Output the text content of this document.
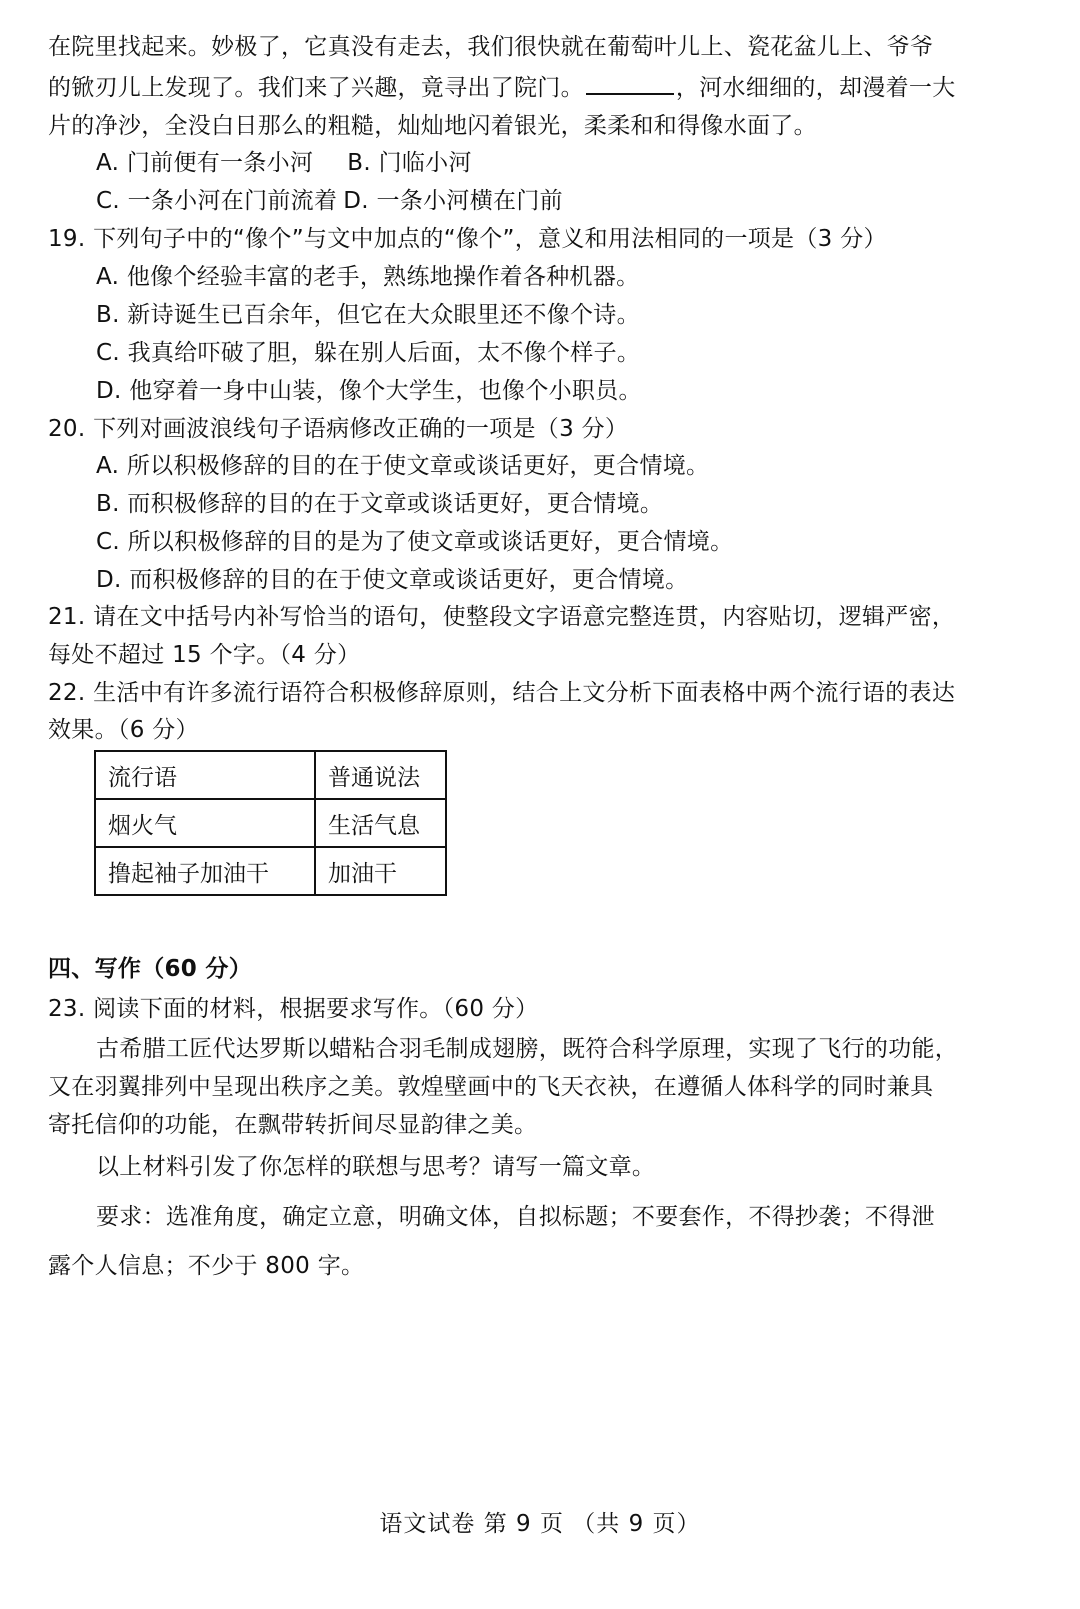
在院里找起来。妙极了，它真没有走去，我们很快就在葡萄叶儿上、瓷花盆儿上、爷爷
的锨刃儿上发现了。我们来了兴趣，竟寻出了院门。	，河水细细的，却漫着一大
片的净沙，全没白日那么的粗糙，灿灿地闪着银光，柔柔和和得像水面了。
A. 门前便有一条小河 B. 门临小河
C. 一条小河在门前流着 D. 一条小河横在门前
19. 下列句子中的“像个”与文中加点的“像个”，意义和用法相同的一项是（3 分）
A. 他像个经验丰富的老手，熟练地操作着各种机器。
B. 新诗诞生已百余年，但它在大众眼里还不像个诗。
C. 我真给吓破了胆，躲在别人后面，太不像个样子。
D. 他穿着一身中山装，像个大学生，也像个小职员。
20. 下列对画波浪线句子语病修改正确的一项是（3 分）
A. 所以积极修辞的目的在于使文章或谈话更好，更合情境。
B. 而积极修辞的目的在于文章或谈话更好，更合情境。
C. 所以积极修辞的目的是为了使文章或谈话更好，更合情境。
D. 而积极修辞的目的在于使文章或谈话更好，更合情境。
21. 请在文中括号内补写恰当的语句，使整段文字语意完整连贯，内容贴切，逻辑严密，
每处不超过 15 个字。（4 分）
22. 生活中有许多流行语符合积极修辞原则，结合上文分析下面表格中两个流行语的表达
效果。（6 分）
流行语	普通说法
烟火气	生活气息
撸起袖子加油干	加油干
四、写作（60 分）
23. 阅读下面的材料，根据要求写作。（60 分）
古希腊工匠代达罗斯以蜡粘合羽毛制成翅膀，既符合科学原理，实现了飞行的功能，
又在羽翼排列中呈现出秩序之美。敦煌壁画中的飞天衣袂，在遵循人体科学的同时兼具
寄托信仰的功能，在飘带转折间尽显韵律之美。
以上材料引发了你怎样的联想与思考？请写一篇文章。
要求：选准角度，确定立意，明确文体，自拟标题；不要套作，不得抄袭；不得泄
露个人信息；不少于 800 字。
语文试卷 第 9 页 （共 9 页）
